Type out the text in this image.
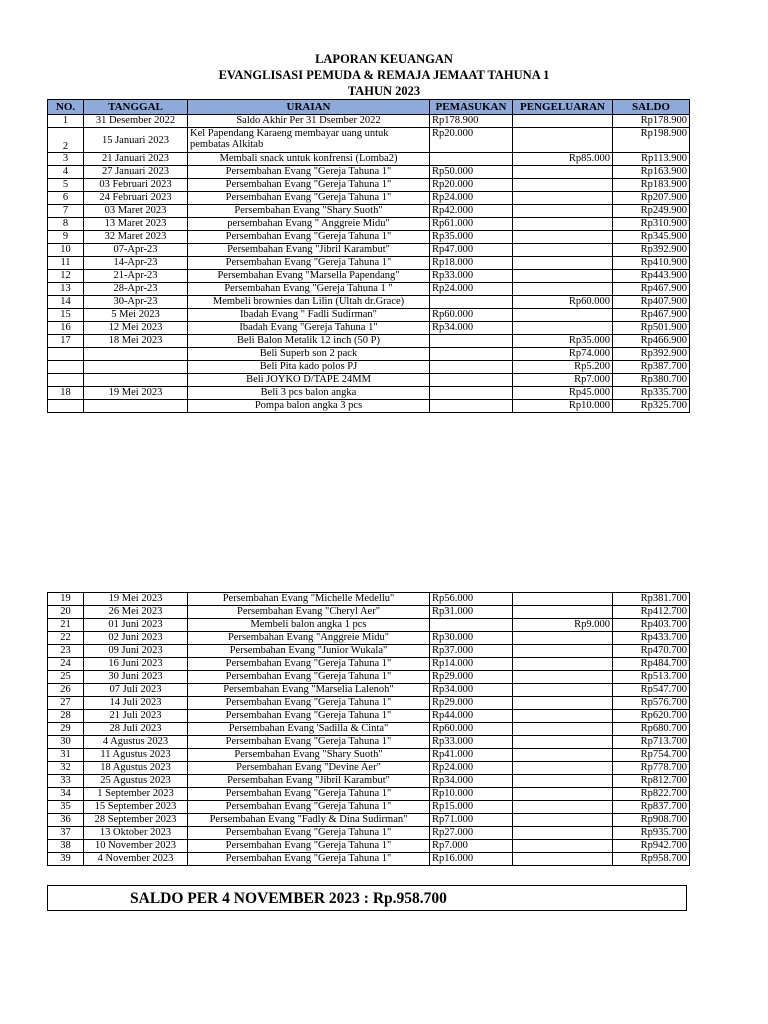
LAPORAN KEUANGAN
EVANGLISASI PEMUDA & REMAJA JEMAAT TAHUNA 1
TAHUN 2023
NO.	TANGGAL	URAIAN	PEMASUKAN	PENGELUARAN	SALDO
1	31 Desember 2022	Saldo Akhir Per 31 Dsember 2022	Rp178.900		Rp178.900
2	15 Januari 2023	Kel Papendang Karaeng membayar uang untuk pembatas Alkitab	Rp20.000		Rp198.900
3	21 Januari 2023	Membali snack untuk konfrensi (Lomba2)		Rp85.000	Rp113.900
4	27 Januari 2023	Persembahan Evang "Gereja Tahuna 1"	Rp50.000		Rp163.900
5	03 Februari 2023	Persembahan Evang "Gereja Tahuna 1"	Rp20.000		Rp183.900
6	24 Februari 2023	Persembahan Evang "Gereja Tahuna 1"	Rp24.000		Rp207.900
7	03 Maret 2023	Persembahan Evang "Shary Suoth"	Rp42.000		Rp249.900
8	13 Maret 2023	persembahan Evang " Anggreie Midu"	Rp61.000		Rp310.900
9	32 Maret 2023	Persembahan Evang "Gereja Tahuna 1"	Rp35.000		Rp345.900
10	07-Apr-23	Persembahan Evang "Jibril Karambut"	Rp47.000		Rp392.900
11	14-Apr-23	Persembahan Evang "Gereja Tahuna 1"	Rp18.000		Rp410.900
12	21-Apr-23	Persembahan Evang "Marsella Papendang"	Rp33.000		Rp443.900
13	28-Apr-23	Persembahan Evang "Gereja Tahuna 1 "	Rp24.000		Rp467.900
14	30-Apr-23	Membeli brownies dan Lilin (Ultah dr.Grace)		Rp60.000	Rp407.900
15	5 Mei 2023	Ibadah Evang " Fadli Sudirman"	Rp60.000		Rp467.900
16	12 Mei 2023	Ibadah Evang "Gereja Tahuna 1"	Rp34.000		Rp501.900
17	18 Mei 2023	Beli Balon Metalik 12 inch (50 P)		Rp35.000	Rp466.900
		Beli Superb son 2 pack		Rp74.000	Rp392.900
		Beli Pita kado polos PJ		Rp5.200	Rp387.700
		Beli JOYKO D/TAPE 24MM		Rp7.000	Rp380.700
18	19 Mei 2023	Beli 3 pcs balon angka		Rp45.000	Rp335.700
		Pompa balon angka 3 pcs		Rp10.000	Rp325.700
19	19 Mei 2023	Persembahan Evang "Michelle Medellu"	Rp56.000		Rp381.700
20	26 Mei 2023	Persembahan Evang "Cheryl Aer"	Rp31.000		Rp412.700
21	01 Juni 2023	Membeli balon angka 1 pcs		Rp9.000	Rp403.700
22	02 Juni 2023	Persembahan Evang "Anggreie Midu"	Rp30.000		Rp433.700
23	09 Juni 2023	Persembahan Evang "Junior Wukala"	Rp37.000		Rp470.700
24	16 Juni 2023	Persembahan Evang "Gereja Tahuna 1"	Rp14.000		Rp484.700
25	30 Juni 2023	Persembahan Evang "Gereja Tahuna 1"	Rp29.000		Rp513.700
26	07 Juli 2023	Persembahan Evang "Marselia Lalenoh"	Rp34.000		Rp547.700
27	14 Juli 2023	Persembahan Evang "Gereja Tahuna 1"	Rp29.000		Rp576.700
28	21 Juli 2023	Persembahan Evang "Gereja Tahuna 1"	Rp44.000		Rp620.700
29	28 Juli 2023	Persembahan Evang 'Sadilla & Cinta"	Rp60.000		Rp680.700
30	4 Agustus 2023	Persembahan Evang "Gereja Tahuna 1"	Rp33.000		Rp713.700
31	11 Agustus 2023	Persembahan Evang "Shary Suoth"	Rp41.000		Rp754.700
32	18 Agustus 2023	Persembahan Evang "Devine Aer"	Rp24.000		Rp778.700
33	25 Agustus 2023	Persembahan Evang "Jibril Karambut"	Rp34.000		Rp812.700
34	1 September 2023	Persembahan Evang "Gereja Tahuna 1"	Rp10.000		Rp822.700
35	15 September 2023	Persembahan Evang "Gereja Tahuna 1"	Rp15.000		Rp837.700
36	28 September 2023	Persembahan Evang "Fadly & Dina Sudirman"	Rp71.000		Rp908.700
37	13 Oktober 2023	Persembahan Evang "Gereja Tahuna 1"	Rp27.000		Rp935.700
38	10 November 2023	Persembahan Evang "Gereja Tahuna 1"	Rp7.000		Rp942.700
39	4 November 2023	Persembahan Evang "Gereja Tahuna 1"	Rp16.000		Rp958.700
SALDO PER 4 NOVEMBER 2023 : Rp.958.700
